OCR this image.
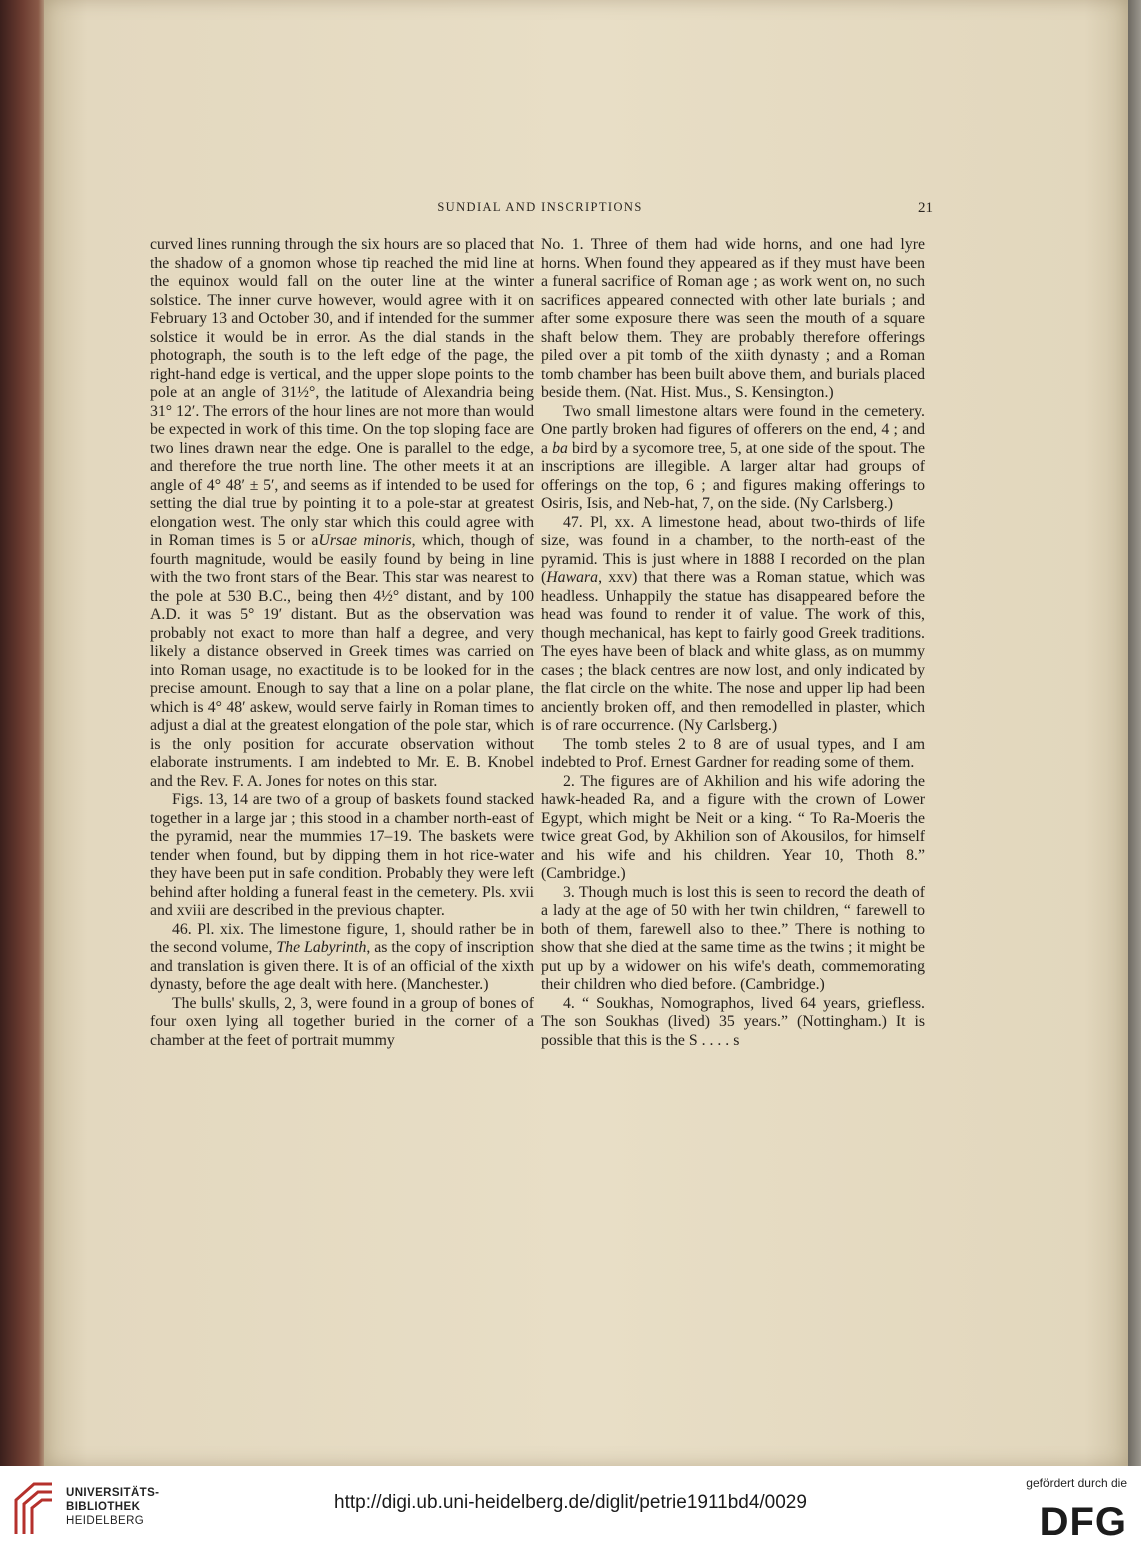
SUNDIAL AND INSCRIPTIONS	21

curved lines running through the six hours are so placed that the shadow of a gnomon whose tip reached the mid line at the equinox would fall on the outer line at the winter solstice. The inner curve however, would agree with it on February 13 and October 30, and if intended for the summer solstice it would be in error. As the dial stands in the photograph, the south is to the left edge of the page, the right-hand edge is vertical, and the upper slope points to the pole at an angle of 31½°, the latitude of Alexandria being 31° 12′. The errors of the hour lines are not more than would be expected in work of this time. On the top sloping face are two lines drawn near the edge. One is parallel to the edge, and therefore the true north line. The other meets it at an angle of 4° 48′ ± 5′, and seems as if intended to be used for setting the dial true by pointing it to a pole-star at greatest elongation west. The only star which this could agree with in Roman times is 5 or aUrsae minoris, which, though of fourth magnitude, would be easily found by being in line with the two front stars of the Bear. This star was nearest to the pole at 530 B.C., being then 4½° distant, and by 100 A.D. it was 5° 19′ distant. But as the observation was probably not exact to more than half a degree, and very likely a distance observed in Greek times was carried on into Roman usage, no exactitude is to be looked for in the precise amount. Enough to say that a line on a polar plane, which is 4° 48′ askew, would serve fairly in Roman times to adjust a dial at the greatest elongation of the pole star, which is the only position for accurate observation without elaborate instruments. I am indebted to Mr. E. B. Knobel and the Rev. F. A. Jones for notes on this star.

Figs. 13, 14 are two of a group of baskets found stacked together in a large jar ; this stood in a chamber north-east of the pyramid, near the mummies 17–19. The baskets were tender when found, but by dipping them in hot rice-water they have been put in safe condition. Probably they were left behind after holding a funeral feast in the cemetery. Pls. xvii and xviii are described in the previous chapter.

46. Pl. xix. The limestone figure, 1, should rather be in the second volume, The Labyrinth, as the copy of inscription and translation is given there. It is of an official of the xixth dynasty, before the age dealt with here. (Manchester.)

The bulls' skulls, 2, 3, were found in a group of bones of four oxen lying all together buried in the corner of a chamber at the feet of portrait mummy

No. 1. Three of them had wide horns, and one had lyre horns. When found they appeared as if they must have been a funeral sacrifice of Roman age ; as work went on, no such sacrifices appeared connected with other late burials ; and after some exposure there was seen the mouth of a square shaft below them. They are probably therefore offerings piled over a pit tomb of the xiith dynasty ; and a Roman tomb chamber has been built above them, and burials placed beside them. (Nat. Hist. Mus., S. Kensington.)

Two small limestone altars were found in the cemetery. One partly broken had figures of offerers on the end, 4 ; and a ba bird by a sycomore tree, 5, at one side of the spout. The inscriptions are illegible. A larger altar had groups of offerings on the top, 6 ; and figures making offerings to Osiris, Isis, and Neb-hat, 7, on the side. (Ny Carlsberg.)

47. Pl, xx. A limestone head, about two-thirds of life size, was found in a chamber, to the north-east of the pyramid. This is just where in 1888 I recorded on the plan (Hawara, xxv) that there was a Roman statue, which was headless. Unhappily the statue has disappeared before the head was found to render it of value. The work of this, though mechanical, has kept to fairly good Greek traditions. The eyes have been of black and white glass, as on mummy cases ; the black centres are now lost, and only indicated by the flat circle on the white. The nose and upper lip had been anciently broken off, and then remodelled in plaster, which is of rare occurrence. (Ny Carlsberg.)

The tomb steles 2 to 8 are of usual types, and I am indebted to Prof. Ernest Gardner for reading some of them.

2. The figures are of Akhilion and his wife adoring the hawk-headed Ra, and a figure with the crown of Lower Egypt, which might be Neit or a king. “ To Ra-Moeris the twice great God, by Akhilion son of Akousilos, for himself and his wife and his children. Year 10, Thoth 8.” (Cambridge.)

3. Though much is lost this is seen to record the death of a lady at the age of 50 with her twin children, “ farewell to both of them, farewell also to thee.” There is nothing to show that she died at the same time as the twins ; it might be put up by a widower on his wife's death, commemorating their children who died before. (Cambridge.)

4. “ Soukhas, Nomographos, lived 64 years, griefless. The son Soukhas (lived) 35 years.” (Nottingham.) It is possible that this is the S . . . . s

UNIVERSITÄTS-
BIBLIOTHEK
HEIDELBERG
http://digi.ub.uni-heidelberg.de/diglit/petrie1911bd4/0029
gefördert durch die
DFG
